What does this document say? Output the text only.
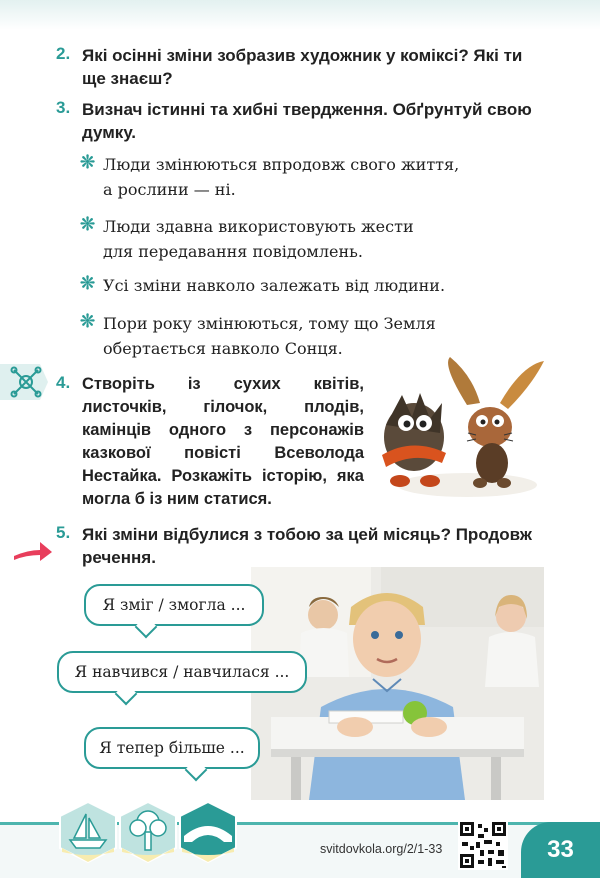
2. Які осінні зміни зобразив художник у коміксі? Які ти
ще знаєш?
3. Визнач істинні та хибні твердження. Обґрунтуй свою
думку.
❊ Люди змінюються впродовж свого життя,
а рослини — ні.
❊ Люди здавна використовують жести
для передавання повідомлень.
❊ Усі зміни навколо залежать від людини.
❊ Пори року змінюються, тому що Земля
обертається навколо Сонця.
4. Створіть із сухих квітів, листочків, гілочок, плодів, камінців одного з персонажів казкової повісті Всеволода Нестайка. Розкажіть історію, яка могла б із ним статися.
5. Які зміни відбулися з тобою за цей місяць? Продовж
речення.
Я зміг / змогла ...
Я навчився / навчилася ...
Я тепер більше ...
svitdovkola.org/2/1-33	33
